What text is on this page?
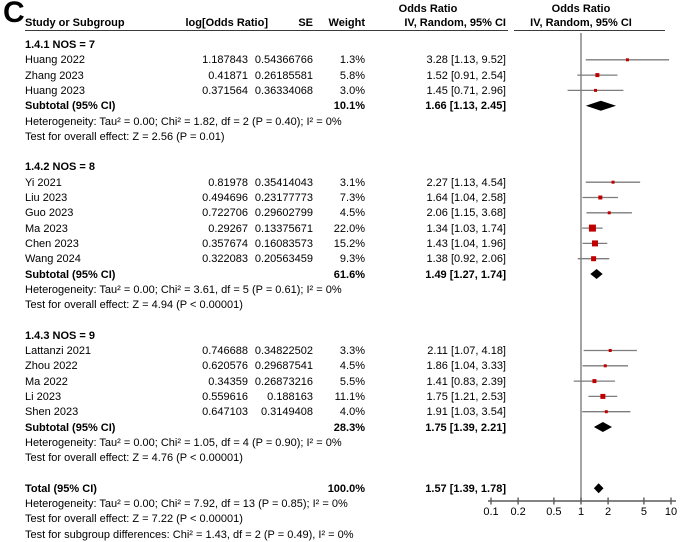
C	Odds Ratio	Odds Ratio
Study or Subgroup	log[Odds Ratio]	SE	Weight	IV, Random, 95% CI	IV, Random, 95% CI
1.4.1 NOS = 7
Huang 2022	1.187843 0.54366766	1.3%	3.28 [1.13, 9.52]
Zhang 2023	0.41871 0.26185581	5.8%	1.52 [0.91, 2.54]
Huang 2023	0.371564 0.36334068	3.0%	1.45 [0.71, 2.96]
Subtotal (95% CI)	10.1%	1.66 [1.13, 2.45]
Heterogeneity: Tau² = 0.00; Chi² = 1.82, df = 2 (P = 0.40); I² = 0%
Test for overall effect: Z = 2.56 (P = 0.01)
1.4.2 NOS = 8
Yi 2021	0.81978 0.35414043	3.1%	2.27 [1.13, 4.54]
Liu 2023	0.494696 0.23177773	7.3%	1.64 [1.04, 2.58]
Guo 2023	0.722706 0.29602799	4.5%	2.06 [1.15, 3.68]
Ma 2023	0.29267 0.13375671	22.0%	1.34 [1.03, 1.74]
Chen 2023	0.357674 0.16083573	15.2%	1.43 [1.04, 1.96]
Wang 2024	0.322083 0.20563459	9.3%	1.38 [0.92, 2.06]
Subtotal (95% CI)	61.6%	1.49 [1.27, 1.74]
Heterogeneity: Tau² = 0.00; Chi² = 3.61, df = 5 (P = 0.61); I² = 0%
Test for overall effect: Z = 4.94 (P < 0.00001)
1.4.3 NOS = 9
Lattanzi 2021	0.746688 0.34822502	3.3%	2.11 [1.07, 4.18]
Zhou 2022	0.620576 0.29687541	4.5%	1.86 [1.04, 3.33]
Ma 2022	0.34359 0.26873216	5.5%	1.41 [0.83, 2.39]
Li 2023	0.559616	0.188163	11.1%	1.75 [1.21, 2.53]
Shen 2023	0.647103	0.3149408	4.0%	1.91 [1.03, 3.54]
Subtotal (95% CI)	28.3%	1.75 [1.39, 2.21]
Heterogeneity: Tau² = 0.00; Chi² = 1.05, df = 4 (P = 0.90); I² = 0%
Test for overall effect: Z = 4.76 (P < 0.00001)
Total (95% CI)	100.0%	1.57 [1.39, 1.78]
Heterogeneity: Tau² = 0.00; Chi² = 7.92, df = 13 (P = 0.85); I² = 0%
Test for overall effect: Z = 7.22 (P < 0.00001)
Test for subgroup differences: Chi² = 1.43, df = 2 (P = 0.49), I² = 0%
0.1 0.2 0.5 1 2	5 10
